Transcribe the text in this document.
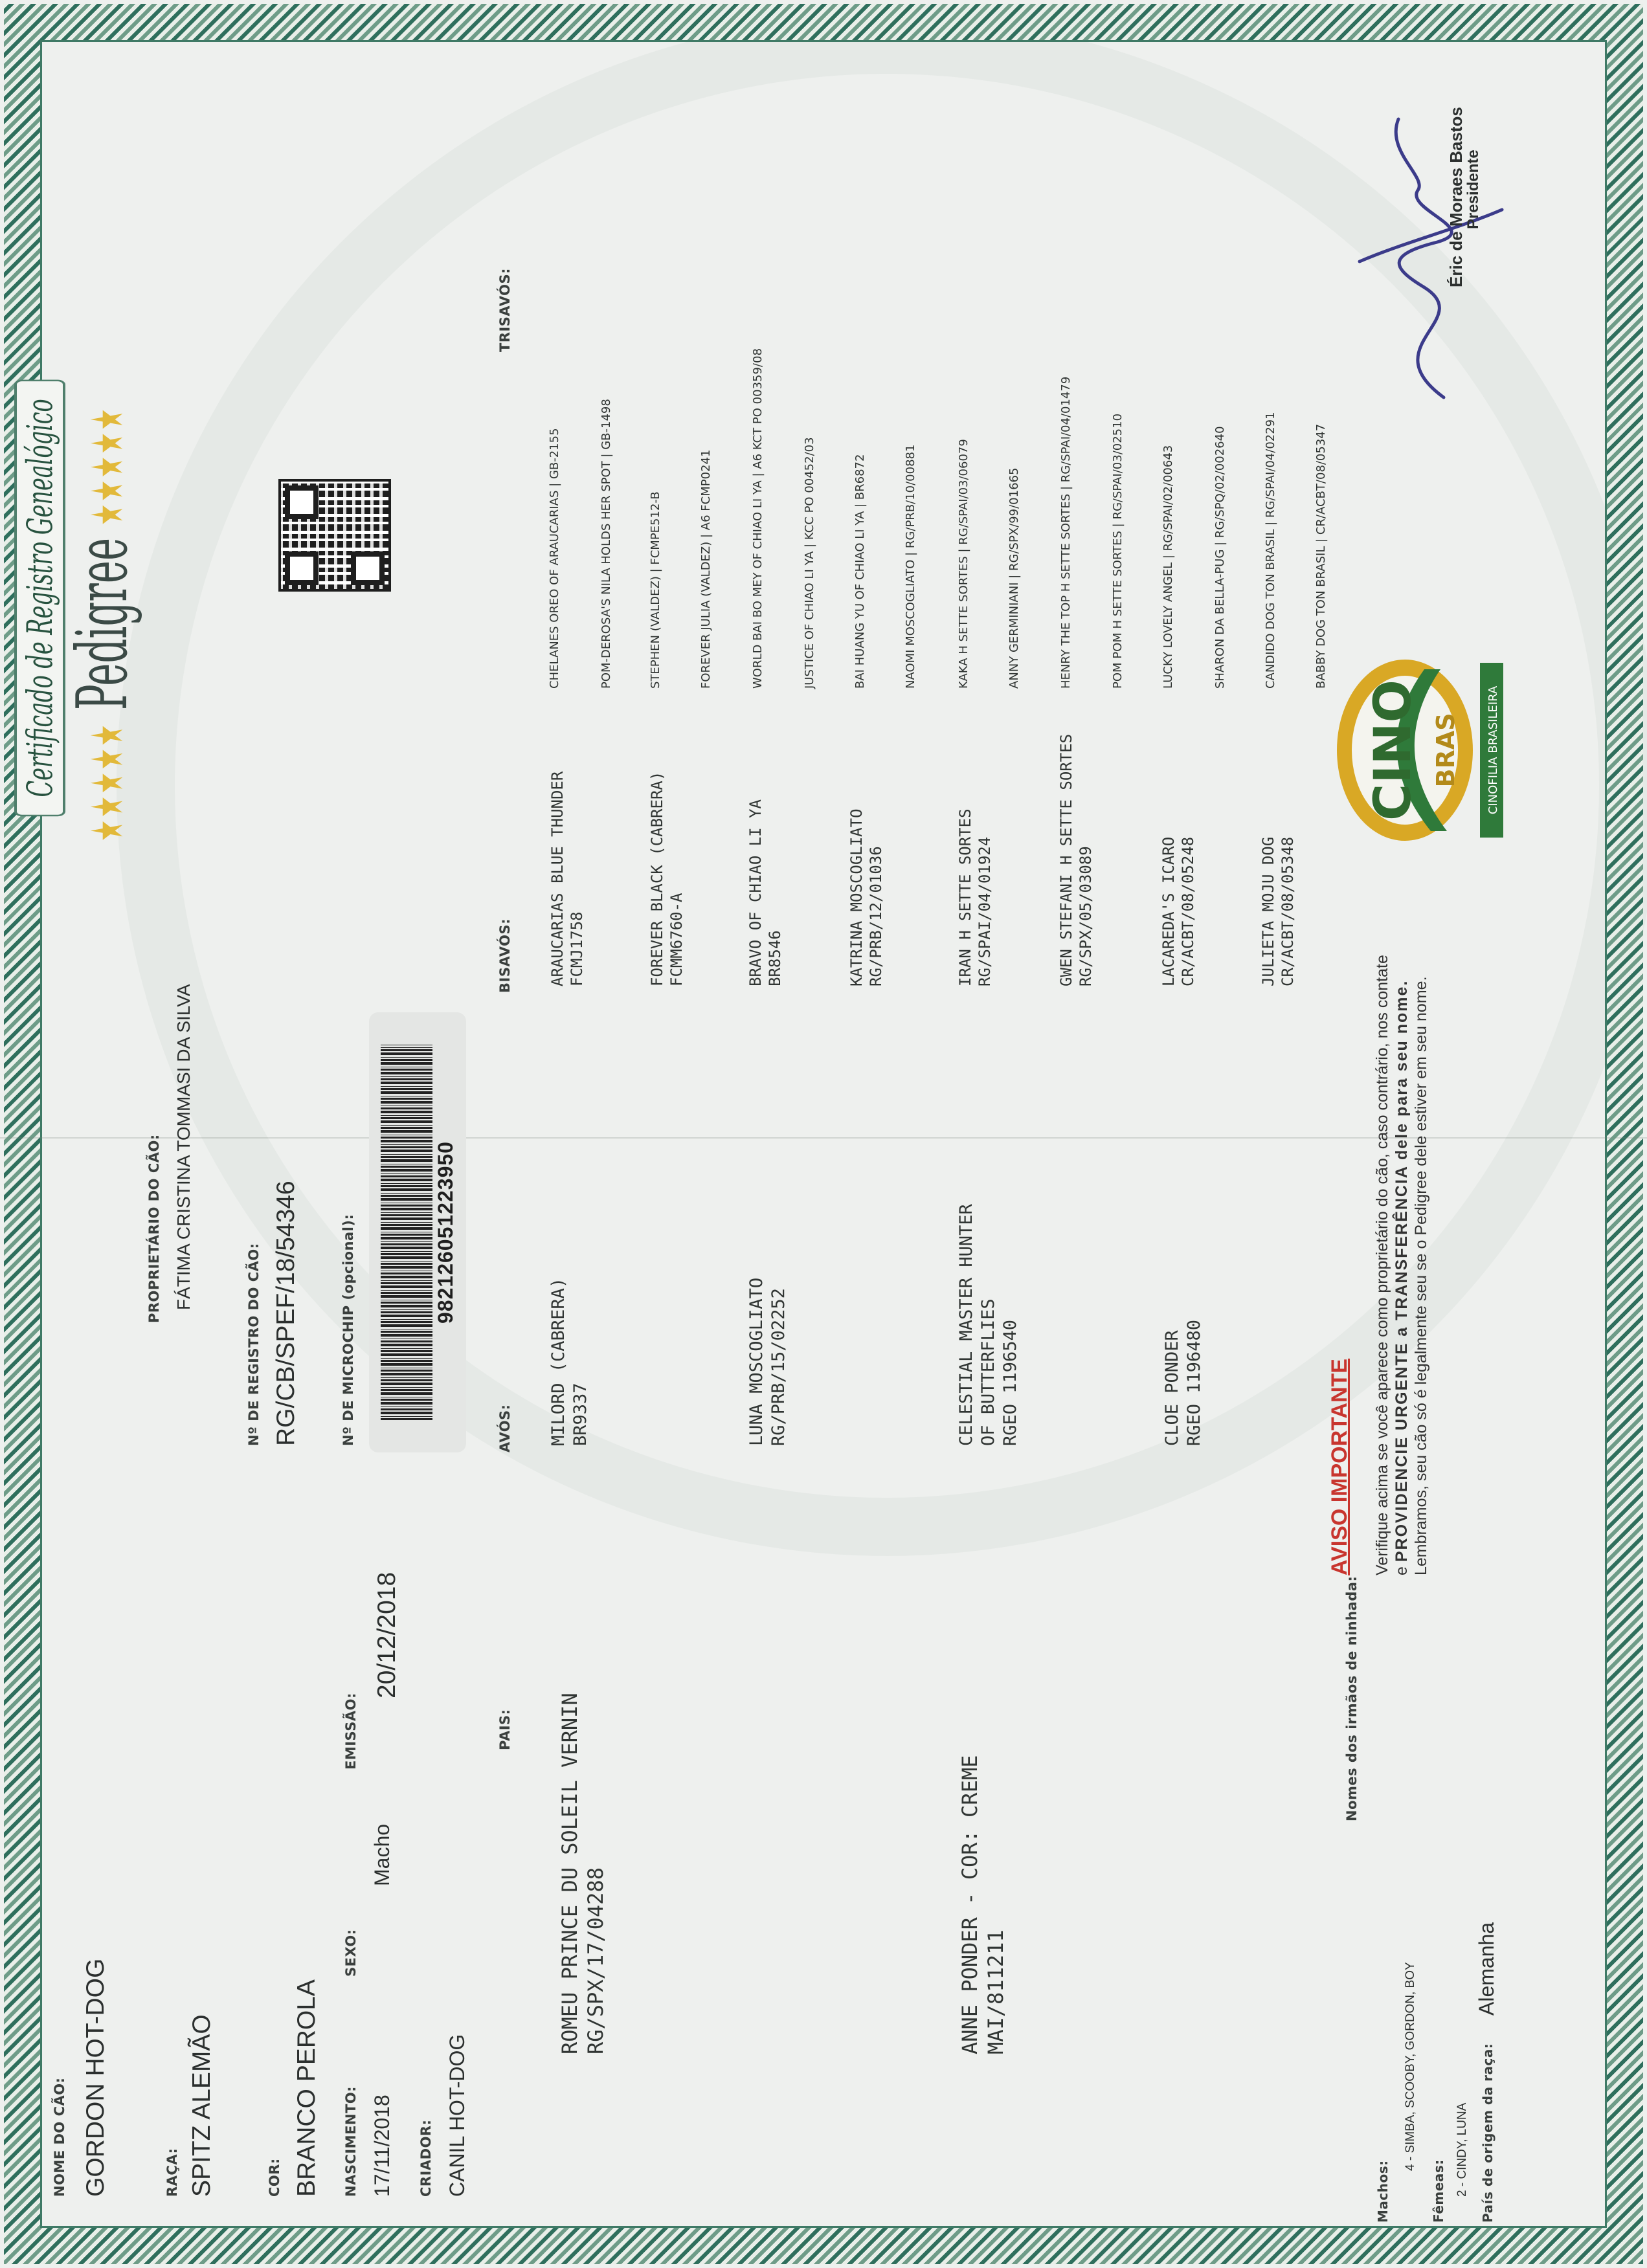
Certificado de Registro Genealógico ★★★★★ Pedigree ★★★★★
NOME DO CÃO: GORDON HOT-DOG	RAÇA: SPITZ ALEMÃO	COR: BRANCO PEROLA NASCIMENTO: 17/11/2018
SEXO:
Macho
EMISSÃO:
20/12/2018
CRIADOR: CANIL HOT-DOG
PROPRIETÁRIO DO CÃO: FÁTIMA CRISTINA TOMMASI DA SILVA
Nº DE REGISTRO DO CÃO: RG/CB/SPEF/18/54346	Nº DE MICROCHIP (opcional):	982126051223950
PAIS:
AVÓS:
BISAVÓS:
TRISAVÓS:
ROMEU PRINCE DU SOLEIL VERNIN RG/SPX/17/04288	ANNE PONDER - COR: CREME MAI/811211
MILORD (CABRERA) BR9337	LUNA MOSCOGLIATO RG/PRB/15/02252	CELESTIAL MASTER HUNTER OF BUTTERFLIES RGEO 1196540	CLOE PONDER RGEO 1196480
ARAUCARIAS BLUE THUNDER FCMJ1758	FOREVER BLACK (CABRERA) FCMM6760-A	BRAVO OF CHIAO LI YA BR8546	KATRINA MOSCOGLIATO RG/PRB/12/01036	IRAN H SETTE SORTES RG/SPAI/04/01924	GWEN STEFANI H SETTE SORTES RG/SPX/05/03089	LACAREDA'S ICARO CR/ACBT/08/05248	JULIETA MOJU DOG CR/ACBT/08/05348
CHELANES OREO OF ARAUCARIAS | GB-2155	POM-DEROSA'S NILA HOLDS HER SPOT | GB-1498	STEPHEN (VALDEZ) | FCMPE512-B	FOREVER JULIA (VALDEZ) | A6 FCMP0241	WORLD BAI BO MEY OF CHIAO LI YA | A6 KCT PO 00359/08	JUSTICE OF CHIAO LI YA | KCC PO 00452/03	BAI HUANG YU OF CHIAO LI YA | BR6872	NAOMI MOSCOGLIATO | RG/PRB/10/00881	KAKA H SETTE SORTES | RG/SPAI/03/06079	ANNY GERMINIANI | RG/SPX/99/01665	HENRY THE TOP H SETTE SORTES | RG/SPAI/04/01479	POM POM H SETTE SORTES | RG/SPAI/03/02510	LUCKY LOVELY ANGEL | RG/SPAI/02/00643	SHARON DA BELLA-PUG | RG/SPQ/02/002640	CANDIDO DOG TON BRASIL | RG/SPAI/04/02291	BABBY DOG TON BRASIL | CR/ACBT/08/05347
Nomes dos irmãos de ninhada:
Machos:
4 - SIMBA, SCOOBY, GORDON, BOY
Fêmeas: 2 - CINDY, LUNA País de origem da raça:
Alemanha
AVISO IMPORTANTE Verifique acima se você aparece como proprietário do cão, caso contrário, nos contate e PROVIDENCIE URGENTE a TRANSFERÊNCIA dele para seu nome. Lembramos, seu cão só é legalmente seu se o Pedigree dele estiver em seu nome.
CINO BRAS CINOFILIA BRASILEIRA
Éric de Moraes Bastos
Presidente
